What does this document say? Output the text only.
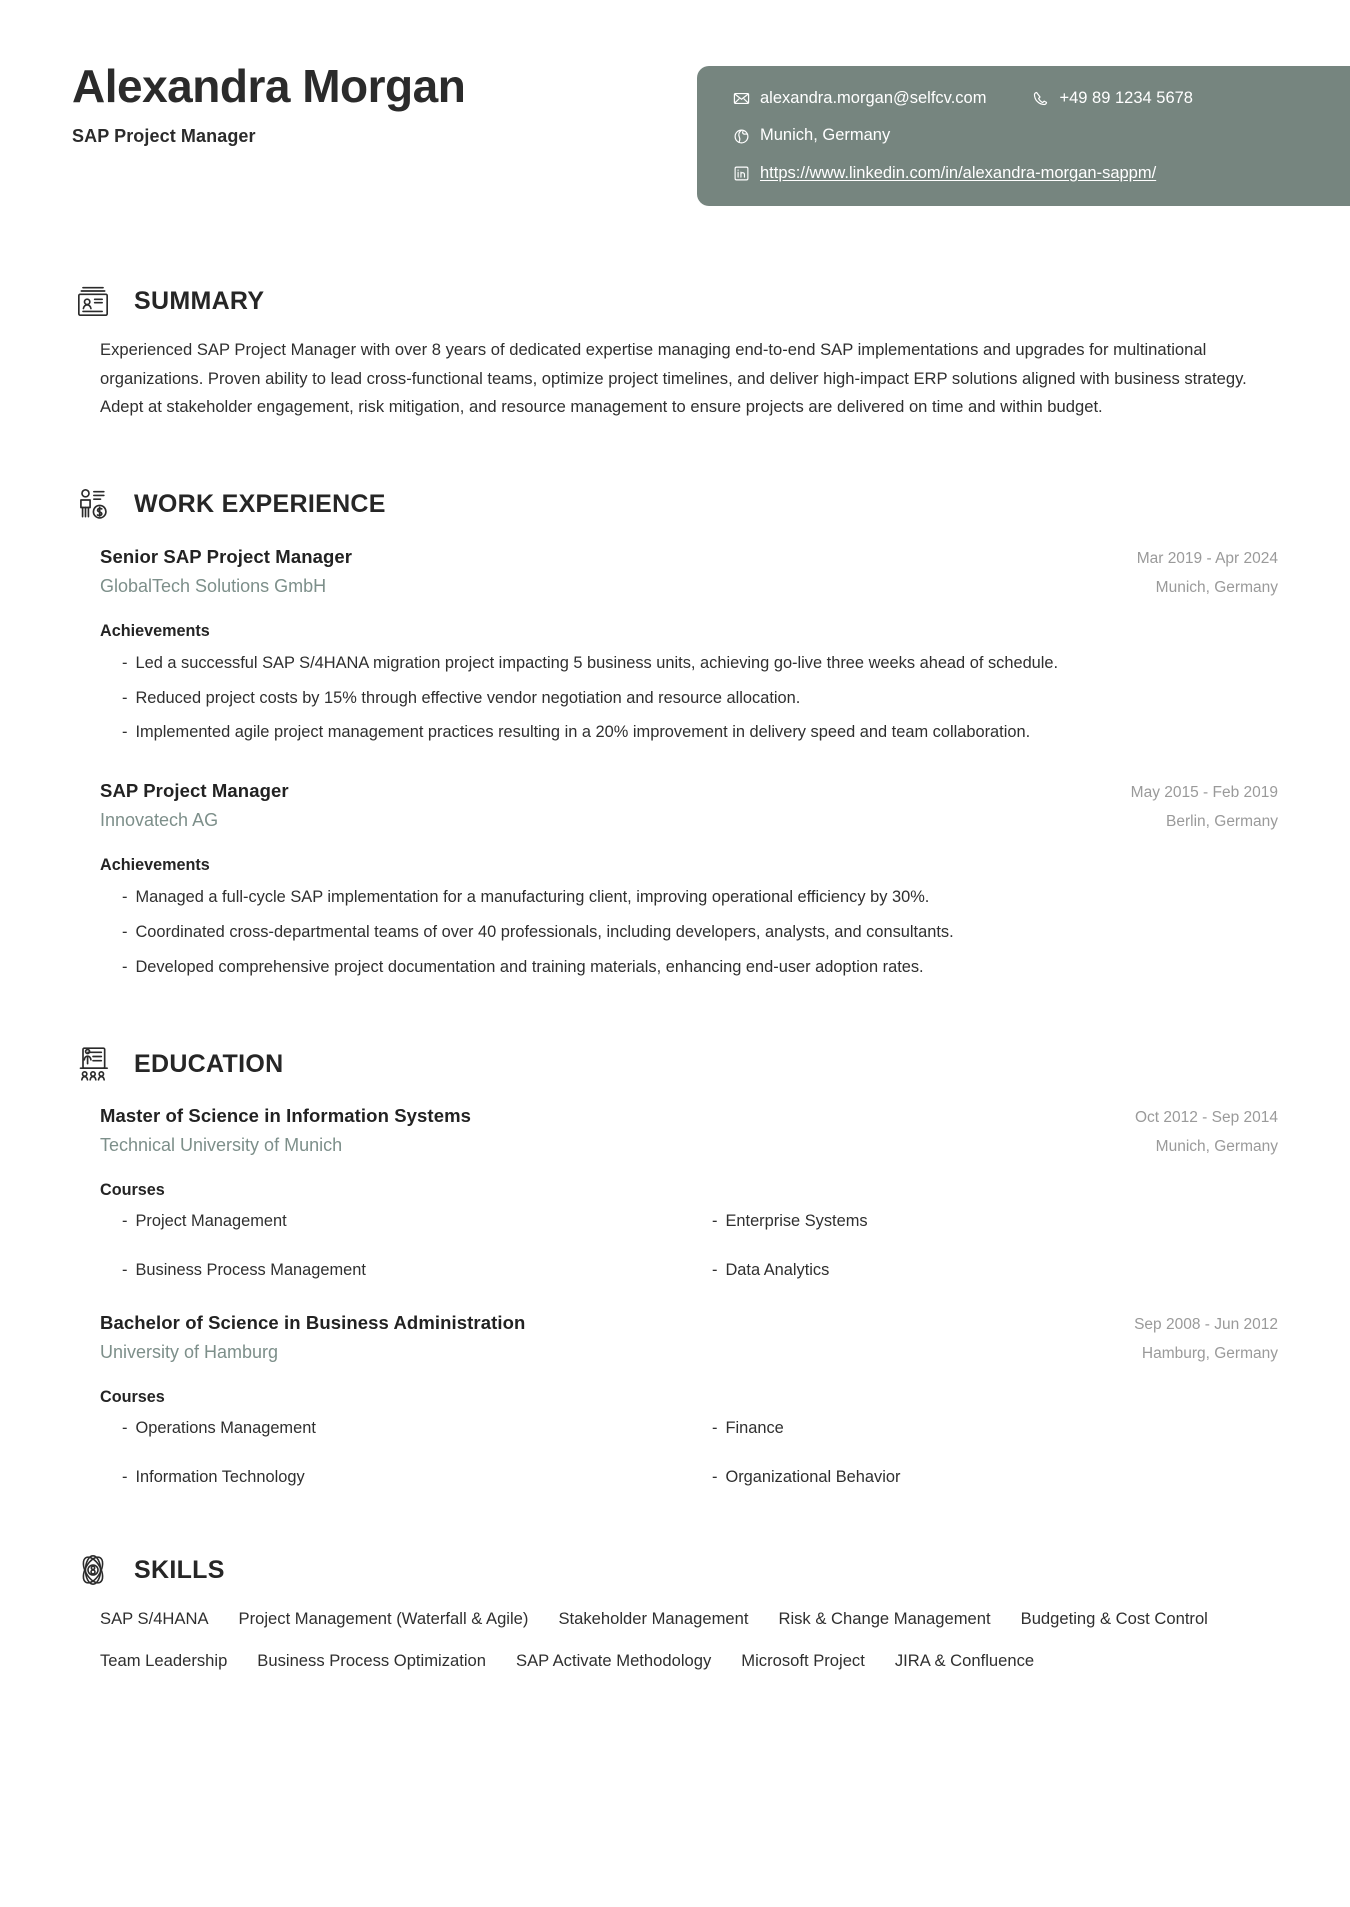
Alexandra Morgan
SAP Project Manager
alexandra.morgan@selfcv.com	+49 89 1234 5678
Munich, Germany
https://www.linkedin.com/in/alexandra-morgan-sappm/
SUMMARY
Experienced SAP Project Manager with over 8 years of dedicated expertise managing end-to-end SAP implementations and upgrades for multinational organizations. Proven ability to lead cross-functional teams, optimize project timelines, and deliver high-impact ERP solutions aligned with business strategy. Adept at stakeholder engagement, risk mitigation, and resource management to ensure projects are delivered on time and within budget.
WORK EXPERIENCE
Senior SAP Project Manager	Mar 2019 - Apr 2024
GlobalTech Solutions GmbH	Munich, Germany
Achievements
- Led a successful SAP S/4HANA migration project impacting 5 business units, achieving go-live three weeks ahead of schedule.
- Reduced project costs by 15% through effective vendor negotiation and resource allocation.
- Implemented agile project management practices resulting in a 20% improvement in delivery speed and team collaboration.
SAP Project Manager	May 2015 - Feb 2019
Innovatech AG	Berlin, Germany
Achievements
- Managed a full-cycle SAP implementation for a manufacturing client, improving operational efficiency by 30%.
- Coordinated cross-departmental teams of over 40 professionals, including developers, analysts, and consultants.
- Developed comprehensive project documentation and training materials, enhancing end-user adoption rates.
EDUCATION
Master of Science in Information Systems	Oct 2012 - Sep 2014
Technical University of Munich	Munich, Germany
Courses
- Project Management	- Enterprise Systems
- Business Process Management	- Data Analytics
Bachelor of Science in Business Administration	Sep 2008 - Jun 2012
University of Hamburg	Hamburg, Germany
Courses
- Operations Management	- Finance
- Information Technology	- Organizational Behavior
SKILLS
SAP S/4HANA Project Management (Waterfall & Agile) Stakeholder Management Risk & Change Management Budgeting & Cost Control
Team Leadership Business Process Optimization SAP Activate Methodology Microsoft Project JIRA & Confluence
